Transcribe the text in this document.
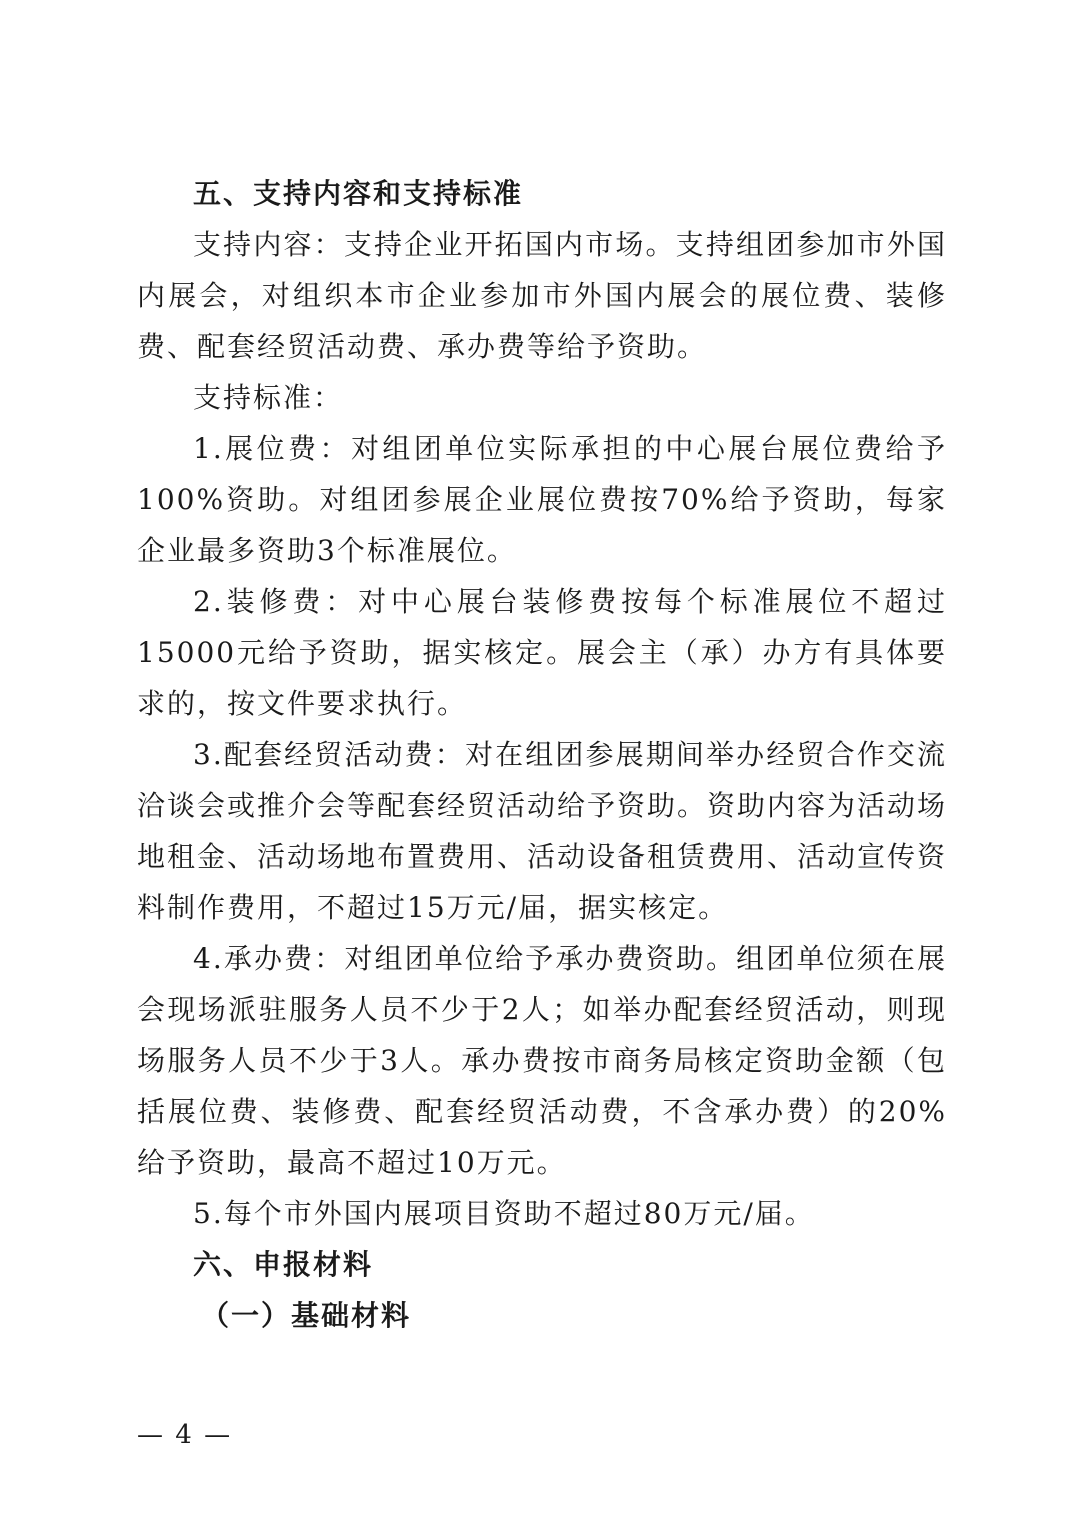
五、支持内容和支持标准

支持内容：支持企业开拓国内市场。支持组团参加市外国内展会，对组织本市企业参加市外国内展会的展位费、装修费、配套经贸活动费、承办费等给予资助。

支持标准：

1.展位费：对组团单位实际承担的中心展台展位费给予100%资助。对组团参展企业展位费按70%给予资助，每家企业最多资助3个标准展位。

2.装修费：对中心展台装修费按每个标准展位不超过15000元给予资助，据实核定。展会主（承）办方有具体要求的，按文件要求执行。

3.配套经贸活动费：对在组团参展期间举办经贸合作交流洽谈会或推介会等配套经贸活动给予资助。资助内容为活动场地租金、活动场地布置费用、活动设备租赁费用、活动宣传资料制作费用，不超过15万元/届，据实核定。

4.承办费：对组团单位给予承办费资助。组团单位须在展会现场派驻服务人员不少于2人；如举办配套经贸活动，则现场服务人员不少于3人。承办费按市商务局核定资助金额（包括展位费、装修费、配套经贸活动费，不含承办费）的20%给予资助，最高不超过10万元。

5.每个市外国内展项目资助不超过80万元/届。

六、申报材料

（一）基础材料

— 4 —
